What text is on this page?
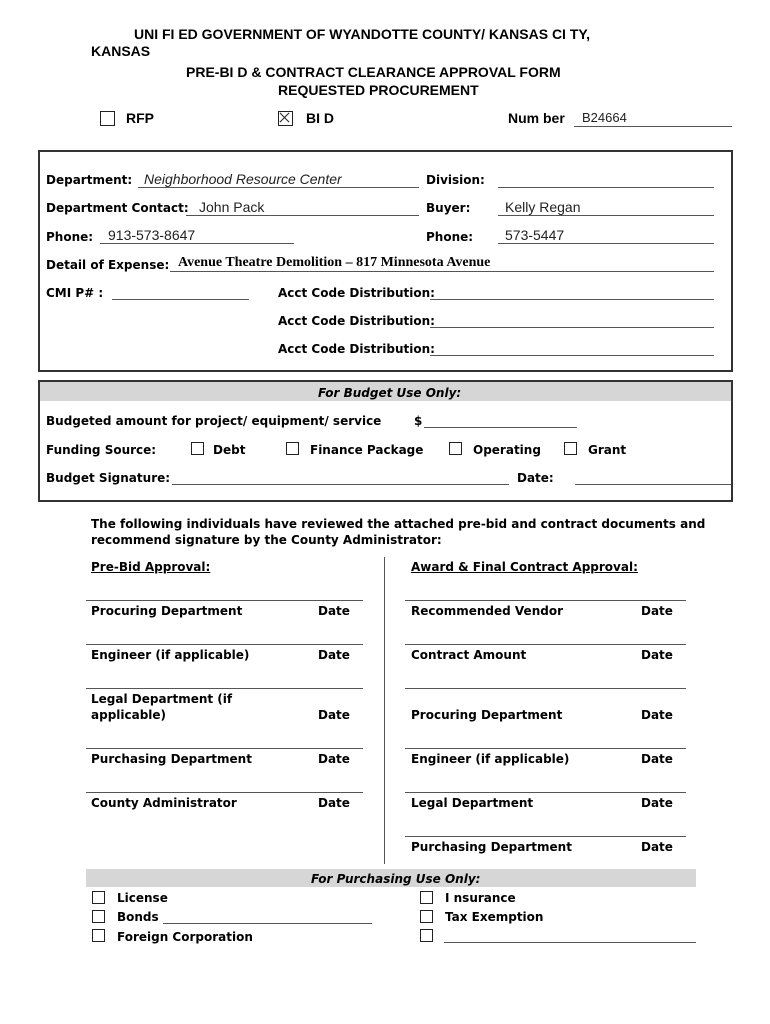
UNI FI ED GOVERNMENT OF WYANDOTTE COUNTY/ KANSAS CI TY,
KANSAS
PRE-BI D & CONTRACT CLEARANCE APPROVAL FORM
REQUESTED PROCUREMENT
RFP	BI D	Num ber B24664
Department: Neighborhood Resource Center	Division:
Department Contact: John Pack	Buyer: Kelly Regan
Phone: 913-573-8647	Phone: 573-5447
Detail of Expense: Avenue Theatre Demolition – 817 Minnesota Avenue
CMI P# :	Acct Code Distribution:
Acct Code Distribution:
Acct Code Distribution:
For Budget Use Only:
Budgeted amount for project/ equipment/ service	$
Funding Source:	Debt	Finance Package	Operating	Grant
Budget Signature:	Date:
The following individuals have reviewed the attached pre-bid and contract documents and
recommend signature by the County Administrator:
Pre-Bid Approval:	Award & Final Contract Approval:
Procuring Department	Date
Engineer (if applicable)	Date
Legal Department (if
applicable)	Date
Purchasing Department	Date
County Administrator	Date
Recommended Vendor	Date
Contract Amount	Date
Procuring Department	Date
Engineer (if applicable)	Date
Legal Department	Date
Purchasing Department	Date
For Purchasing Use Only:
License
Bonds
Foreign Corporation
I nsurance
Tax Exemption
